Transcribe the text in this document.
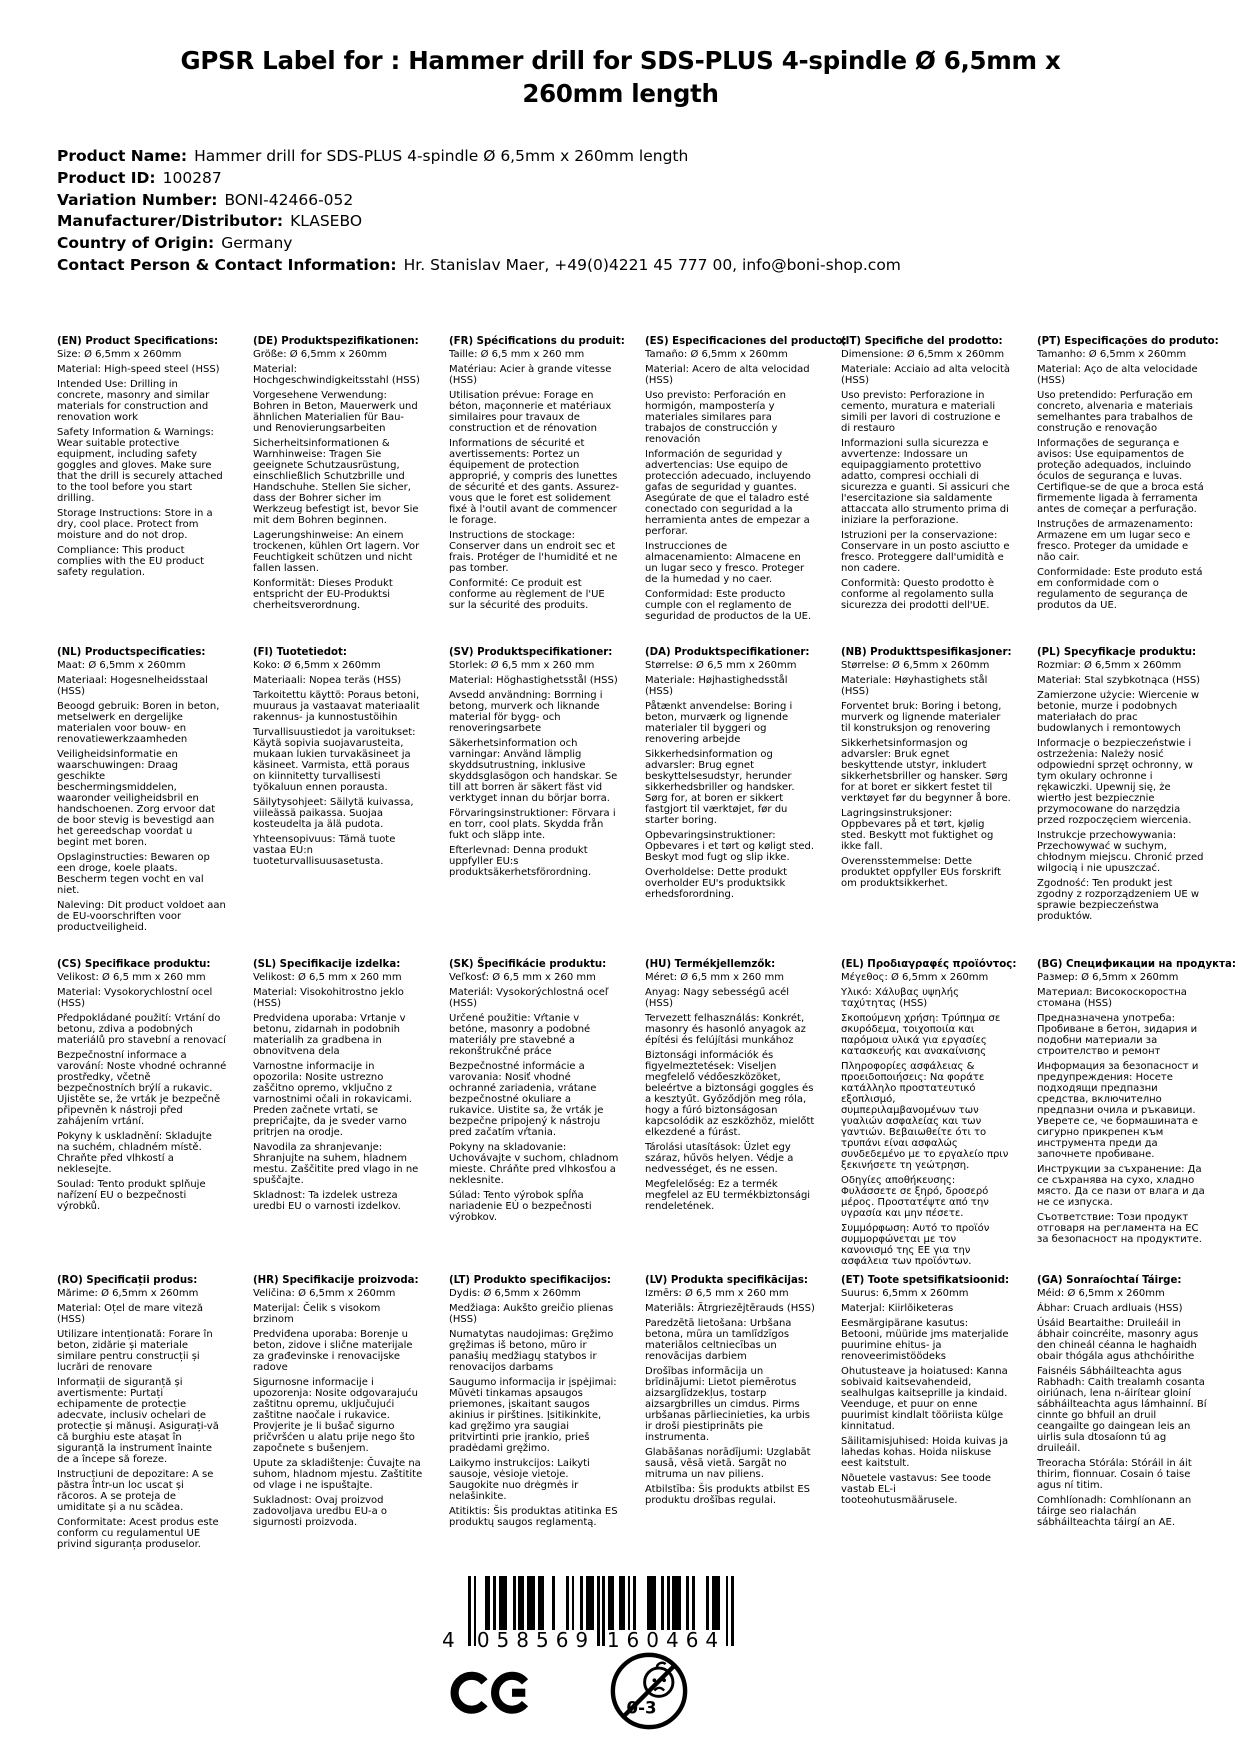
GPSR Label for : Hammer drill for SDS-PLUS 4-spindle Ø 6,5mm x 260mm length
Product Name: Hammer drill for SDS-PLUS 4-spindle Ø 6,5mm x 260mm length
Product ID: 100287
Variation Number: BONI-42466-052
Manufacturer/Distributor: KLASEBO
Country of Origin: Germany
Contact Person & Contact Information: Hr. Stanislav Maer, +49(0)4221 45 777 00, info@boni-shop.com
(EN) Product Specifications:

Size: Ø 6,5mm x 260mm

Material: High-speed steel (HSS)

Intended Use: Drilling in concrete, masonry and similar materials for construction and renovation work

Safety Information & Warnings: Wear suitable protective equipment, including safety goggles and gloves. Make sure that the drill is securely attached to the tool before you start drilling.

Storage Instructions: Store in a dry, cool place. Protect from moisture and do not drop.

Compliance: This product complies with the EU product safety regulation.

(DE) Produktspezifikationen:

Größe: Ø 6,5mm x 260mm

Material: Hochgeschwindigkeitsstahl (HSS)

Vorgesehene Verwendung: Bohren in Beton, Mauerwerk und ähnlichen Materialien für Bau- und Renovierungsarbeiten

Sicherheitsinformationen & Warnhinweise: Tragen Sie geeignete Schutzausrüstung, einschließlich Schutzbrille und Handschuhe. Stellen Sie sicher, dass der Bohrer sicher im Werkzeug befestigt ist, bevor Sie mit dem Bohren beginnen.

Lagerungshinweise: An einem trockenen, kühlen Ort lagern. Vor Feuchtigkeit schützen und nicht fallen lassen.

Konformität: Dieses Produkt entspricht der EU-Produktsi cherheitsverordnung.

(FR) Spécifications du produit:

Taille: Ø 6,5 mm x 260 mm

Matériau: Acier à grande vitesse (HSS)

Utilisation prévue: Forage en béton, maçonnerie et matériaux similaires pour travaux de construction et de rénovation

Informations de sécurité et avertissements: Portez un équipement de protection approprié, y compris des lunettes de sécurité et des gants. Assurez-vous que le foret est solidement fixé à l'outil avant de commencer le forage.

Instructions de stockage: Conserver dans un endroit sec et frais. Protéger de l'humidité et ne pas tomber.

Conformité: Ce produit est conforme au règlement de l'UE sur la sécurité des produits.

(ES) Especificaciones del producto:

Tamaño: Ø 6,5mm x 260mm

Material: Acero de alta velocidad (HSS)

Uso previsto: Perforación en hormigón, mampostería y materiales similares para trabajos de construcción y renovación

Información de seguridad y advertencias: Use equipo de protección adecuado, incluyendo gafas de seguridad y guantes. Asegúrate de que el taladro esté conectado con seguridad a la herramienta antes de empezar a perforar.

Instrucciones de almacenamiento: Almacene en un lugar seco y fresco. Proteger de la humedad y no caer.

Conformidad: Este producto cumple con el reglamento de seguridad de productos de la UE.

(IT) Specifiche del prodotto:

Dimensione: Ø 6,5mm x 260mm

Materiale: Acciaio ad alta velocità (HSS)

Uso previsto: Perforazione in cemento, muratura e materiali simili per lavori di costruzione e di restauro

Informazioni sulla sicurezza e avvertenze: Indossare un equipaggiamento protettivo adatto, compresi occhiali di sicurezza e guanti. Si assicuri che l'esercitazione sia saldamente attaccata allo strumento prima di iniziare la perforazione.

Istruzioni per la conservazione: Conservare in un posto asciutto e fresco. Proteggere dall'umidità e non cadere.

Conformità: Questo prodotto è conforme al regolamento sulla sicurezza dei prodotti dell'UE.

(PT) Especificações do produto:

Tamanho: Ø 6,5mm x 260mm

Material: Aço de alta velocidade (HSS)

Uso pretendido: Perfuração em concreto, alvenaria e materiais semelhantes para trabalhos de construção e renovação

Informações de segurança e avisos: Use equipamentos de proteção adequados, incluindo óculos de segurança e luvas. Certifique-se de que a broca está firmemente ligada à ferramenta antes de começar a perfuração.

Instruções de armazenamento: Armazene em um lugar seco e fresco. Proteger da umidade e não cair.

Conformidade: Este produto está em conformidade com o regulamento de segurança de produtos da UE.

(NL) Productspecificaties:

Maat: Ø 6,5mm x 260mm

Materiaal: Hogesnelheidsstaal (HSS)

Beoogd gebruik: Boren in beton, metselwerk en dergelijke materialen voor bouw- en renovatiewerkzaamheden

Veiligheidsinformatie en waarschuwingen: Draag geschikte beschermingsmiddelen, waaronder veiligheidsbril en handschoenen. Zorg ervoor dat de boor stevig is bevestigd aan het gereedschap voordat u begint met boren.

Opslaginstructies: Bewaren op een droge, koele plaats. Bescherm tegen vocht en val niet.

Naleving: Dit product voldoet aan de EU-voorschriften voor productveiligheid.

(FI) Tuotetiedot:

Koko: Ø 6,5mm x 260mm

Materiaali: Nopea teräs (HSS)

Tarkoitettu käyttö: Poraus betoni, muuraus ja vastaavat materiaalit rakennus- ja kunnostustöihin

Turvallisuustiedot ja varoitukset: Käytä sopivia suojavarusteita, mukaan lukien turvakäsineet ja käsineet. Varmista, että poraus on kiinnitetty turvallisesti työkaluun ennen porausta.

Säilytysohjeet: Säilytä kuivassa, viileässä paikassa. Suojaa kosteudelta ja älä pudota.

Yhteensopivuus: Tämä tuote vastaa EU:n tuoteturvallisuusasetusta.

(SV) Produktspecifikationer:

Storlek: Ø 6,5 mm x 260 mm

Material: Höghastighetsstål (HSS)

Avsedd användning: Borrning i betong, murverk och liknande material för bygg- och renoveringsarbete

Säkerhetsinformation och varningar: Använd lämplig skyddsutrustning, inklusive skyddsglasögon och handskar. Se till att borren är säkert fäst vid verktyget innan du börjar borra.

Förvaringsinstruktioner: Förvara i en torr, cool plats. Skydda från fukt och släpp inte.

Efterlevnad: Denna produkt uppfyller EU:s produktsäkerhetsförordning.

(DA) Produktspecifikationer:

Størrelse: Ø 6,5 mm x 260mm

Materiale: Højhastighedsstål (HSS)

Påtænkt anvendelse: Boring i beton, murværk og lignende materialer til byggeri og renovering arbejde

Sikkerhedsinformation og advarsler: Brug egnet beskyttelsesudstyr, herunder sikkerhedsbriller og handsker. Sørg for, at boren er sikkert fastgjort til værktøjet, før du starter boring.

Opbevaringsinstruktioner: Opbevares i et tørt og køligt sted. Beskyt mod fugt og slip ikke.

Overholdelse: Dette produkt overholder EU's produktsikk erhedsforordning.

(NB) Produkttspesifikasjoner:

Størrelse: Ø 6,5mm x 260mm

Materiale: Høyhastighets stål (HSS)

Forventet bruk: Boring i betong, murverk og lignende materialer til konstruksjon og renovering

Sikkerhetsinformasjon og advarsler: Bruk egnet beskyttende utstyr, inkludert sikkerhetsbriller og hansker. Sørg for at boret er sikkert festet til verktøyet før du begynner å bore.

Lagringsinstruksjoner: Oppbevares på et tørt, kjølig sted. Beskytt mot fuktighet og ikke fall.

Overensstemmelse: Dette produktet oppfyller EUs forskrift om produktsikkerhet.

(PL) Specyfikacje produktu:

Rozmiar: Ø 6,5mm x 260mm

Materiał: Stal szybkotnąca (HSS)

Zamierzone użycie: Wiercenie w betonie, murze i podobnych materiałach do prac budowlanych i remontowych

Informacje o bezpieczeństwie i ostrzeżenia: Należy nosić odpowiedni sprzęt ochronny, w tym okulary ochronne i rękawiczki. Upewnij się, że wiertło jest bezpiecznie przymocowane do narzędzia przed rozpoczęciem wiercenia.

Instrukcje przechowywania: Przechowywać w suchym, chłodnym miejscu. Chronić przed wilgocią i nie upuszczać.

Zgodność: Ten produkt jest zgodny z rozporządzeniem UE w sprawie bezpieczeństwa produktów.

(CS) Specifikace produktu:

Velikost: Ø 6,5 mm x 260 mm

Material: Vysokorychlostní ocel (HSS)

Předpokládané použití: Vrtání do betonu, zdiva a podobných materiálů pro stavební a renovací

Bezpečnostní informace a varování: Noste vhodné ochranné prostředky, včetně bezpečnostních brýlí a rukavic. Ujistěte se, že vrták je bezpečně připevněn k nástroji před zahájením vrtání.

Pokyny k uskladnění: Skladujte na suchém, chladném místě. Chraňte před vlhkostí a neklesejte.

Soulad: Tento produkt splňuje nařízení EU o bezpečnosti výrobků.

(SL) Specifikacije izdelka:

Velikost: Ø 6,5 mm x 260 mm

Material: Visokohitrostno jeklo (HSS)

Predvidena uporaba: Vrtanje v betonu, zidarnah in podobnih materialih za gradbena in obnovitvena dela

Varnostne informacije in opozorila: Nosite ustrezno zaščitno opremo, vključno z varnostnimi očali in rokavicami. Preden začnete vrtati, se prepričajte, da je sveder varno pritrjen na orodje.

Navodila za shranjevanje: Shranjujte na suhem, hladnem mestu. Zaščitite pred vlago in ne spuščajte.

Skladnost: Ta izdelek ustreza uredbi EU o varnosti izdelkov.

(SK) Špecifikácie produktu:

Veľkosť: Ø 6,5 mm x 260 mm

Materiál: Vysokorýchlostná oceľ (HSS)

Určené použitie: Vŕtanie v betóne, masonry a podobné materiály pre stavebné a rekonštrukčné práce

Bezpečnostné informácie a varovania: Nosiť vhodné ochranné zariadenia, vrátane bezpečnostné okuliare a rukavice. Uistite sa, že vrták je bezpečne pripojený k nástroju pred začatím vŕtania.

Pokyny na skladovanie: Uchovávajte v suchom, chladnom mieste. Chráňte pred vlhkosťou a neklesnite.

Súlad: Tento výrobok spĺňa nariadenie EÚ o bezpečnosti výrobkov.

(HU) Termékjellemzők:

Méret: Ø 6,5 mm x 260 mm

Anyag: Nagy sebességű acél (HSS)

Tervezett felhasználás: Konkrét, masonry és hasonló anyagok az építési és felújítási munkához

Biztonsági információk és figyelmeztetések: Viseljen megfelelő védőeszközöket, beleértve a biztonsági goggles és a kesztyűt. Győződjön meg róla, hogy a fúró biztonságosan kapcsolódik az eszközhöz, mielőtt elkezdené a fúrást.

Tárolási utasítások: Üzlet egy száraz, hűvös helyen. Védje a nedvességet, és ne essen.

Megfelelőség: Ez a termék megfelel az EU termékbiztonsági rendeletének.

(EL) Προδιαγραφές προϊόντος:

Μέγεθος: Ø 6,5mm x 260mm

Υλικό: Χάλυβας υψηλής ταχύτητας (HSS)

Σκοπούμενη χρήση: Τρύπημα σε σκυρόδεμα, τοιχοποιία και παρόμοια υλικά για εργασίες κατασκευής και ανακαίνισης

Πληροφορίες ασφάλειας & προειδοποιήσεις: Να φοράτε κατάλληλο προστατευτικό εξοπλισμό, συμπεριλαμβανομένων των γυαλιών ασφαλείας και των γαντιών. Βεβαιωθείτε ότι το τρυπάνι είναι ασφαλώς συνδεδεμένο με το εργαλείο πριν ξεκινήσετε τη γεώτρηση.

Οδηγίες αποθήκευσης: Φυλάσσετε σε ξηρό, δροσερό μέρος. Προστατέψτε από την υγρασία και μην πέσετε.

Συμμόρφωση: Αυτό το προϊόν συμμορφώνεται με τον κανονισμό της ΕΕ για την ασφάλεια των προϊόντων.

(BG) Спецификации на продукта:

Размер: Ø 6,5mm x 260mm

Материал: Високоскоростна стомана (HSS)

Предназначена употреба: Пробиване в бетон, зидария и подобни материали за строителство и ремонт

Информация за безопасност и предупреждения: Носете подходящи предпазни средства, включително предпазни очила и ръкавици. Уверете се, че бормашината е сигурно прикрепен към инструмента преди да започнете пробиване.

Инструкции за съхранение: Да се съхранява на сухо, хладно място. Да се пази от влага и да не се изпуска.

Съответствие: Този продукт отговаря на регламента на ЕС за безопасност на продуктите.

(RO) Specificații produs:

Mărime: Ø 6,5mm x 260mm

Material: Oțel de mare viteză (HSS)

Utilizare intenționată: Forare în beton, zidărie și materiale similare pentru construcții și lucrări de renovare

Informații de siguranță și avertismente: Purtați echipamente de protecție adecvate, inclusiv ochelari de protecție și mănuși. Asigurați-vă că burghiu este atașat în siguranță la instrument înainte de a începe să foreze.

Instrucțiuni de depozitare: A se păstra într-un loc uscat și răcoros. A se proteja de umiditate și a nu scădea.

Conformitate: Acest produs este conform cu regulamentul UE privind siguranța produselor.

(HR) Specifikacije proizvoda:

Veličina: Ø 6,5mm x 260mm

Materijal: Čelik s visokom brzinom

Predviđena uporaba: Borenje u beton, zidove i slične materijale za građevinske i renovacijske radove

Sigurnosne informacije i upozorenja: Nosite odgovarajuću zaštitnu opremu, uključujući zaštitne naočale i rukavice. Provjerite je li bušač sigurno pričvršćen u alatu prije nego što započnete s bušenjem.

Upute za skladištenje: Čuvajte na suhom, hladnom mjestu. Zaštitite od vlage i ne ispuštajte.

Sukladnost: Ovaj proizvod zadovoljava uredbu EU-a o sigurnosti proizvoda.

(LT) Produkto specifikacijos:

Dydis: Ø 6,5mm x 260mm

Medžiaga: Aukšto greičio plienas (HSS)

Numatytas naudojimas: Gręžimo gręžimas iš betono, mūro ir panašių medžiagų statybos ir renovacijos darbams

Saugumo informacija ir įspėjimai: Mūvėti tinkamas apsaugos priemones, įskaitant saugos akinius ir pirštines. Įsitikinkite, kad gręžimo yra saugiai pritvirtinti prie įrankio, prieš pradėdami gręžimo.

Laikymo instrukcijos: Laikyti sausoje, vėsioje vietoje. Saugokite nuo drėgmės ir nelašinkite.

Atitiktis: Šis produktas atitinka ES produktų saugos reglamentą.

(LV) Produkta specifikācijas:

Izmērs: Ø 6,5 mm x 260 mm

Materiāls: Ātrgriezējtērauds (HSS)

Paredzētā lietošana: Urbšana betona, mūra un tamlīdzīgos materiālos celtniecības un renovācijas darbiem

Drošības informācija un brīdinājumi: Lietot piemērotus aizsarglīdzekļus, tostarp aizsargbrilles un cimdus. Pirms urbšanas pārliecinieties, ka urbis ir droši piestiprināts pie instrumenta.

Glabāšanas norādījumi: Uzglabāt sausā, vēsā vietā. Sargāt no mitruma un nav piliens.

Atbilstība: Šis produkts atbilst ES produktu drošības regulai.

(ET) Toote spetsifikatsioonid:

Suurus: 6,5mm x 260mm

Materjal: Kiirlõiketeras

Eesmärgipärane kasutus: Betooni, müüride jms materjalide puurimine ehitus- ja renoveerimistöödeks

Ohutusteave ja hoiatused: Kanna sobivaid kaitsevahendeid, sealhulgas kaitseprille ja kindaid. Veenduge, et puur on enne puurimist kindlalt tööriista külge kinnitatud.

Säilitamisjuhised: Hoida kuivas ja lahedas kohas. Hoida niiskuse eest kaitstult.

Nõuetele vastavus: See toode vastab EL-i tooteohutusmäärusele.

(GA) Sonraíochtaí Táirge:

Méid: Ø 6,5mm x 260mm

Ábhar: Cruach ardluais (HSS)

Úsáid Beartaithe: Druileáil in ábhair coincréite, masonry agus den chineál céanna le haghaidh obair thógála agus athchóirithe

Faisnéis Sábháilteachta agus Rabhadh: Caith trealamh cosanta oiriúnach, lena n-áirítear gloiní sábháilteachta agus lámhainní. Bí cinnte go bhfuil an druil ceangailte go daingean leis an uirlis sula dtosaíonn tú ag druileáil.

Treoracha Stórála: Stóráil in áit thirim, fionnuar. Cosain ó taise agus ní titim.

Comhlíonadh: Comhlíonann an táirge seo rialachán sábháilteachta táirgí an AE.

4 058569 160464
0-3
